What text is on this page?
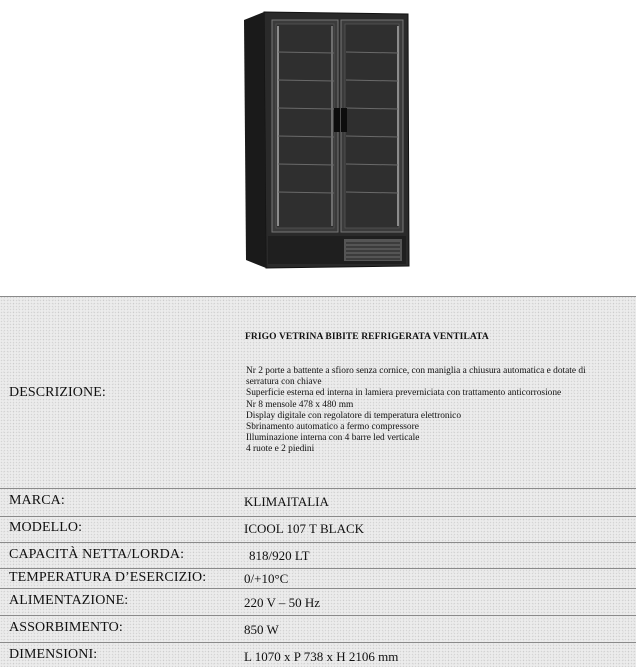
FRIGO VETRINA BIBITE REFRIGERATA VENTILATA
DESCRIZIONE:
Nr 2 porte a battente a sfioro senza cornice, con maniglia a chiusura automatica e dotate di
serratura con chiave
Superficie esterna ed interna in lamiera preverniciata con trattamento anticorrosione
Nr 8 mensole 478 x 480 mm
Display digitale con regolatore di temperatura elettronico
Sbrinamento automatico a fermo compressore
Illuminazione interna con 4 barre led verticale
4 ruote e 2 piedini
MARCA:	KLIMAITALIA
MODELLO:	ICOOL 107 T BLACK
CAPACITÀ NETTA/LORDA:	818/920 LT
TEMPERATURA D’ESERCIZIO:	0/+10°C
ALIMENTAZIONE:	220 V – 50 Hz
ASSORBIMENTO:	850 W
DIMENSIONI:	L 1070 x P 738 x H 2106 mm
